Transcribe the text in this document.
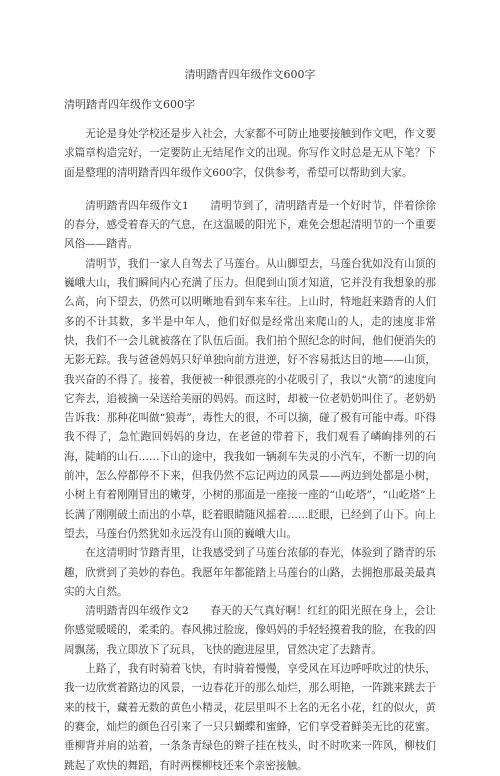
清明踏青四年级作文600字
清明踏青四年级作文600字

无论是身处学校还是步入社会，大家都不可防止地要接触到作文吧，作文要求篇章构造完好，一定要防止无结尾作文的出现。你写作文时总是无从下笔？下面是整理的清明踏青四年级作文600字，仅供参考，希望可以帮助到大家。

清明踏青四年级作文1　　清明节到了，清明踏青是一个好时节，伴着徐徐的春分，感受着春天的气息，在这温暖的阳光下，难免会想起清明节的一个重要风俗——踏青。

清明节，我们一家人自驾去了马莲台。从山脚望去，马莲台犹如没有山顶的巍峨大山，我们瞬间内心充满了压力。但爬到山顶才知道，它并没有我想象的那么高，向下望去，仍然可以明晰地看到车来车往。上山时，特地赶来踏青的人们多的不计其数，多半是中年人，他们好似是经常出来爬山的人，走的速度非常快，我们不一会儿就被落在了队伍后面。我们拍个照纪念的时间，他们便消失的无影无踪。我与爸爸妈妈只好单独向前方进逆，好不容易抵达目的地——山顶，我兴奋的不得了。接着，我便被一种很漂亮的小花吸引了，我以“火箭”的速度向它奔去，追被摘一朵送给美丽的妈妈。而这时，却被一位老奶奶叫住了。老奶奶告诉我：那种花叫做“狼毒”，毒性大的很，不可以摘，碰了极有可能中毒。吓得我不得了，急忙跑回妈妈的身边，在老爸的带着下，我们观看了嶙峋排列的石海，陡峭的山石……下山的途中，我我如一辆刹车失灵的小汽车，不断一切的向前冲，怎么停都停不下来，但我仍然不忘记两边的风景——两边到处都是小树，小树上有着刚刚冒出的嫩芽，小树的那面是一座接一座的“山屹塔”，“山屹塔”上长满了刚刚破土而出的小草，眨着眼睛随风摇着……眨眼，已经到了山下。向上望去，马莲台仍然犹如永远没有山顶的巍峨大山。

在这清明时节踏青里，让我感受到了马莲台浓郁的春光，体验到了踏青的乐趣，欣赏到了美妙的春色。我愿年年都能踏上马莲台的山路，去拥抱那最美最真实的大自然。

清明踏青四年级作文2　　春天的天气真好啊！红红的阳光照在身上，会让你感觉暖暖的，柔柔的。春风拂过脸庞，像妈妈的手轻轻摸着我的脸，在我的四周飘荡，我立即放下了玩具，飞快的跑进屋里，冒然决定了去踏青。

上路了，我有时骑着飞快，有时骑着慢慢，享受风在耳边呼呼吹过的快乐，我一边欣赏着路边的风景，一边春花开的那么灿烂，那么明艳，一阵跳来跳去于来的枝干，藏着无数的黄色小精灵，花层里叫不上名的无名小花，红的似火，黄的赛金，灿烂的颜色召引来了一只只蝴蝶和蜜蜂，它们享受着鲜美无比的花蜜。垂柳背并肩的站着，一条条青绿色的辫子挂在枝头，时不时吹来一阵风，柳枝们跳起了欢快的舞蹈，有时两棵柳枝还来个亲密接触。
